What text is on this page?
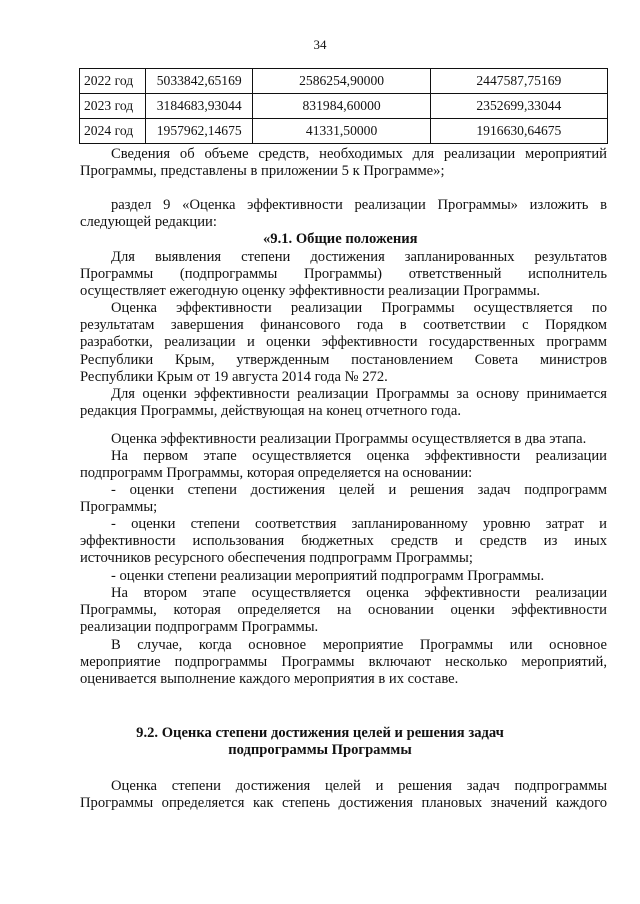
34
2022 год	5033842,65169	2586254,90000	2447587,75169
2023 год	3184683,93044	831984,60000	2352699,33044
2024 год	1957962,14675	41331,50000	1916630,64675
Сведения об объеме средств, необходимых для реализации мероприятий
Программы, представлены в приложении 5 к Программе»;
раздел 9 «Оценка эффективности реализации Программы» изложить в
следующей редакции:
«9.1. Общие положения
Для выявления степени достижения запланированных результатов
Программы (подпрограммы Программы) ответственный исполнитель
осуществляет ежегодную оценку эффективности реализации Программы.
Оценка эффективности реализации Программы осуществляется по
результатам завершения финансового года в соответствии с Порядком
разработки, реализации и оценки эффективности государственных программ
Республики Крым, утвержденным постановлением Совета министров
Республики Крым от 19 августа 2014 года № 272.
Для оценки эффективности реализации Программы за основу принимается
редакция Программы, действующая на конец отчетного года.
Оценка эффективности реализации Программы осуществляется в два этапа.
На первом этапе осуществляется оценка эффективности реализации
подпрограмм Программы, которая определяется на основании:
- оценки степени достижения целей и решения задач подпрограмм
Программы;
- оценки степени соответствия запланированному уровню затрат и
эффективности использования бюджетных средств и средств из иных
источников ресурсного обеспечения подпрограмм Программы;
- оценки степени реализации мероприятий подпрограмм Программы.
На втором этапе осуществляется оценка эффективности реализации
Программы, которая определяется на основании оценки эффективности
реализации подпрограмм Программы.
В случае, когда основное мероприятие Программы или основное
мероприятие подпрограммы Программы включают несколько мероприятий,
оценивается выполнение каждого мероприятия в их составе.
9.2. Оценка степени достижения целей и решения задач
подпрограммы Программы
Оценка степени достижения целей и решения задач подпрограммы
Программы определяется как степень достижения плановых значений каждого
